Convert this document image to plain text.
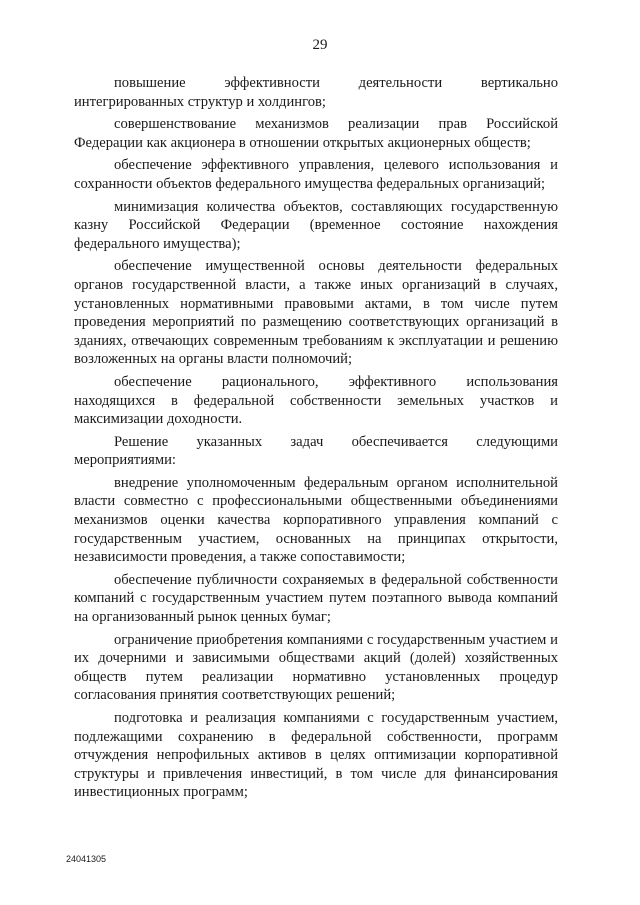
29

повышение эффективности деятельности вертикально интегрированных структур и холдингов;

совершенствование механизмов реализации прав Российской Федерации как акционера в отношении открытых акционерных обществ;

обеспечение эффективного управления, целевого использования и сохранности объектов федерального имущества федеральных организаций;

минимизация количества объектов, составляющих государственную казну Российской Федерации (временное состояние нахождения федерального имущества);

обеспечение имущественной основы деятельности федеральных органов государственной власти, а также иных организаций в случаях, установленных нормативными правовыми актами, в том числе путем проведения мероприятий по размещению соответствующих организаций в зданиях, отвечающих современным требованиям к эксплуатации и решению возложенных на органы власти полномочий;

обеспечение рационального, эффективного использования находящихся в федеральной собственности земельных участков и максимизации доходности.

Решение указанных задач обеспечивается следующими мероприятиями:

внедрение уполномоченным федеральным органом исполнительной власти совместно с профессиональными общественными объединениями механизмов оценки качества корпоративного управления компаний с государственным участием, основанных на принципах открытости, независимости проведения, а также сопоставимости;

обеспечение публичности сохраняемых в федеральной собственности компаний с государственным участием путем поэтапного вывода компаний на организованный рынок ценных бумаг;

ограничение приобретения компаниями с государственным участием и их дочерними и зависимыми обществами акций (долей) хозяйственных обществ путем реализации нормативно установленных процедур согласования принятия соответствующих решений;

подготовка и реализация компаниями с государственным участием, подлежащими сохранению в федеральной собственности, программ отчуждения непрофильных активов в целях оптимизации корпоративной структуры и привлечения инвестиций, в том числе для финансирования инвестиционных программ;

24041305
